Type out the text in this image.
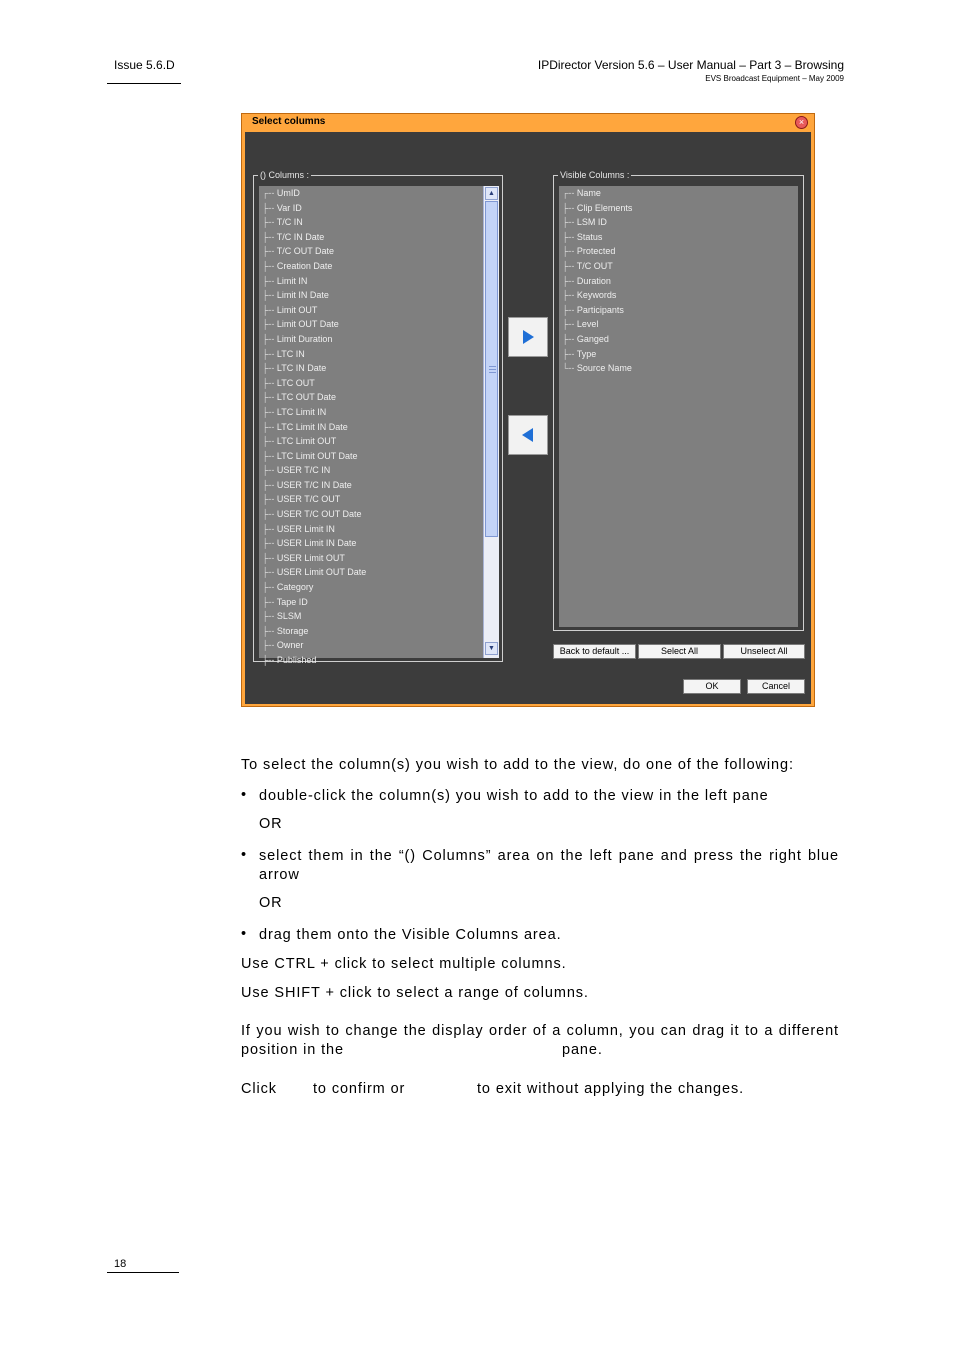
Issue 5.6.D	IPDirector Version 5.6 – User Manual – Part 3 – Browsing
EVS Broadcast Equipment – May 2009
Select columns	×
() Columns :
┌-- UmID
├-- Var ID
├-- T/C IN
├-- T/C IN Date
├-- T/C OUT Date
├-- Creation Date
├-- Limit IN
├-- Limit IN Date
├-- Limit OUT
├-- Limit OUT Date
├-- Limit Duration
├-- LTC IN
├-- LTC IN Date
├-- LTC OUT
├-- LTC OUT Date
├-- LTC Limit IN
├-- LTC Limit IN Date
├-- LTC Limit OUT
├-- LTC Limit OUT Date
├-- USER T/C IN
├-- USER T/C IN Date
├-- USER T/C OUT
├-- USER T/C OUT Date
├-- USER Limit IN
├-- USER Limit IN Date
├-- USER Limit OUT
├-- USER Limit OUT Date
├-- Category
├-- Tape ID
├-- SLSM
├-- Storage
├-- Owner
├-- Published
▲
▼
Visible Columns :
┌-- Name
├-- Clip Elements
├-- LSM ID
├-- Status
├-- Protected
├-- T/C OUT
├-- Duration
├-- Keywords
├-- Participants
├-- Level
├-- Ganged
├-- Type
└-- Source Name
Back to default ...	Select All	Unselect All
OK	Cancel
To select the column(s) you wish to add to the view, do one of the following:
• double-click the column(s) you wish to add to the view in the left pane
OR
• select them in the “() Columns” area on the left pane and press the right blue arrow
OR
• drag them onto the Visible Columns area.
Use CTRL + click to select multiple columns.
Use SHIFT + click to select a range of columns.
If you wish to change the display order of a column, you can drag it to a different position in the	pane.
Click	to confirm or	to exit without applying the changes.
18
